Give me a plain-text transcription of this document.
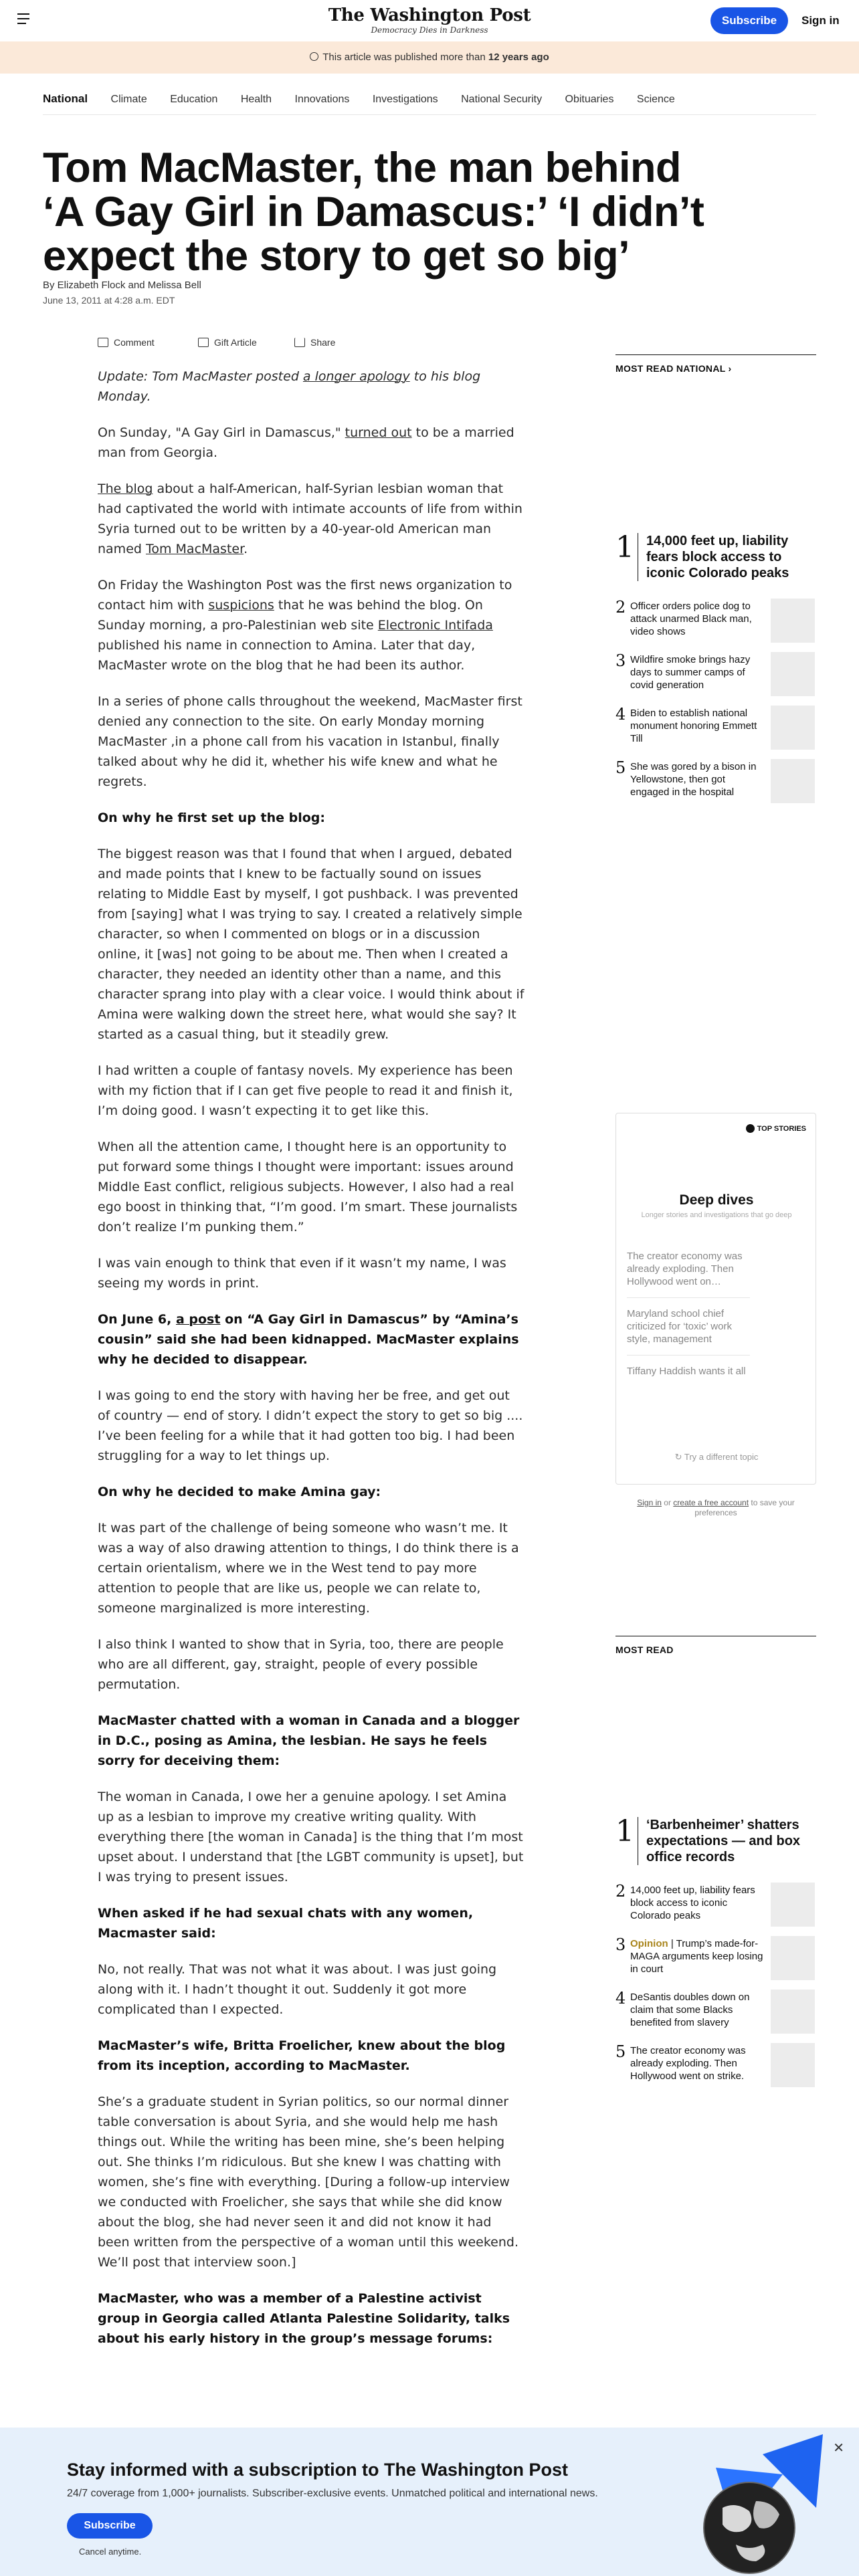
The Washington Post
Democracy Dies in Darkness
Subscribe	Sign in
This article was published more than 12 years ago
National Climate Education Health Innovations Investigations National Security Obituaries Science
Tom MacMaster, the man behind ‘A Gay Girl in Damascus:’ ‘I didn’t expect the story to get so big’
By Elizabeth Flock and Melissa Bell
June 13, 2011 at 4:28 a.m. EDT
Comment	Gift Article	Share

Update: Tom MacMaster posted a longer apology to his blog Monday.

On Sunday, "A Gay Girl in Damascus," turned out to be a married man from Georgia.

The blog about a half-American, half-Syrian lesbian woman that had captivated the world with intimate accounts of life from within Syria turned out to be written by a 40-year-old American man named Tom MacMaster.

On Friday the Washington Post was the first news organization to contact him with suspicions that he was behind the blog. On Sunday morning, a pro-Palestinian web site Electronic Intifada published his name in connection to Amina. Later that day, MacMaster wrote on the blog that he had been its author.

In a series of phone calls throughout the weekend, MacMaster first denied any connection to the site. On early Monday morning MacMaster ,in a phone call from his vacation in Istanbul, finally talked about why he did it, whether his wife knew and what he regrets.

On why he first set up the blog:

The biggest reason was that I found that when I argued, debated and made points that I knew to be factually sound on issues relating to Middle East by myself, I got pushback. I was prevented from [saying] what I was trying to say. I created a relatively simple character, so when I commented on blogs or in a discussion online, it [was] not going to be about me. Then when I created a character, they needed an identity other than a name, and this character sprang into play with a clear voice. I would think about if Amina were walking down the street here, what would she say? It started as a casual thing, but it steadily grew.

I had written a couple of fantasy novels. My experience has been with my fiction that if I can get five people to read it and finish it, I’m doing good. I wasn’t expecting it to get like this.

When all the attention came, I thought here is an opportunity to put forward some things I thought were important: issues around Middle East conflict, religious subjects. However, I also had a real ego boost in thinking that, “I’m good. I’m smart. These journalists don’t realize I’m punking them.”

I was vain enough to think that even if it wasn’t my name, I was seeing my words in print.

On June 6, a post on “A Gay Girl in Damascus” by “Amina’s cousin” said she had been kidnapped. MacMaster explains why he decided to disappear.

I was going to end the story with having her be free, and get out of country — end of story. I didn’t expect the story to get so big .... I’ve been feeling for a while that it had gotten too big. I had been struggling for a way to let things up.

On why he decided to make Amina gay:

It was part of the challenge of being someone who wasn’t me. It was a way of also drawing attention to things, I do think there is a certain orientalism, where we in the West tend to pay more attention to people that are like us, people we can relate to, someone marginalized is more interesting.

I also think I wanted to show that in Syria, too, there are people who are all different, gay, straight, people of every possible permutation.

MacMaster chatted with a woman in Canada and a blogger in D.C., posing as Amina, the lesbian. He says he feels sorry for deceiving them:

The woman in Canada, I owe her a genuine apology. I set Amina up as a lesbian to improve my creative writing quality. With everything there [the woman in Canada] is the thing that I’m most upset about. I understand that [the LGBT community is upset], but I was trying to present issues.

When asked if he had sexual chats with any women, Macmaster said:

No, not really. That was not what it was about. I was just going along with it. I hadn’t thought it out. Suddenly it got more complicated than I expected.

MacMaster’s wife, Britta Froelicher, knew about the blog from its inception, according to MacMaster.

She’s a graduate student in Syrian politics, so our normal dinner table conversation is about Syria, and she would help me hash things out. While the writing has been mine, she’s been helping out. She thinks I’m ridiculous. But she knew I was chatting with women, she’s fine with everything. [During a follow-up interview we conducted with Froelicher, she says that while she did know about the blog, she had never seen it and did not know it had been written from the perspective of a woman until this weekend. We’ll post that interview soon.]

MacMaster, who was a member of a Palestine activist group in Georgia called Atlanta Palestine Solidarity, talks about his early history in the group’s message forums:

MOST READ NATIONAL ›
1 14,000 feet up, liability fears block access to iconic Colorado peaks
2 Officer orders police dog to attack unarmed Black man, video shows
3 Wildfire smoke brings hazy days to summer camps of covid generation
4 Biden to establish national monument honoring Emmett Till
5 She was gored by a bison in Yellowstone, then got engaged in the hospital
TOP STORIES
Deep dives
Longer stories and investigations that go deep
The creator economy was already exploding. Then Hollywood went on…
Maryland school chief criticized for ‘toxic’ work style, management
Tiffany Haddish wants it all
↻ Try a different topic
Sign in or create a free account to save your preferences
MOST READ
1 ‘Barbenheimer’ shatters expectations — and box office records
2 14,000 feet up, liability fears block access to iconic Colorado peaks
3 Opinion | Trump’s made-for-MAGA arguments keep losing in court
4 DeSantis doubles down on claim that some Blacks benefited from slavery
5 The creator economy was already exploding. Then Hollywood went on strike.
✕
Stay informed with a subscription to The Washington Post
24/7 coverage from 1,000+ journalists. Subscriber-exclusive events. Unmatched political and international news.
Subscribe
Cancel anytime.
